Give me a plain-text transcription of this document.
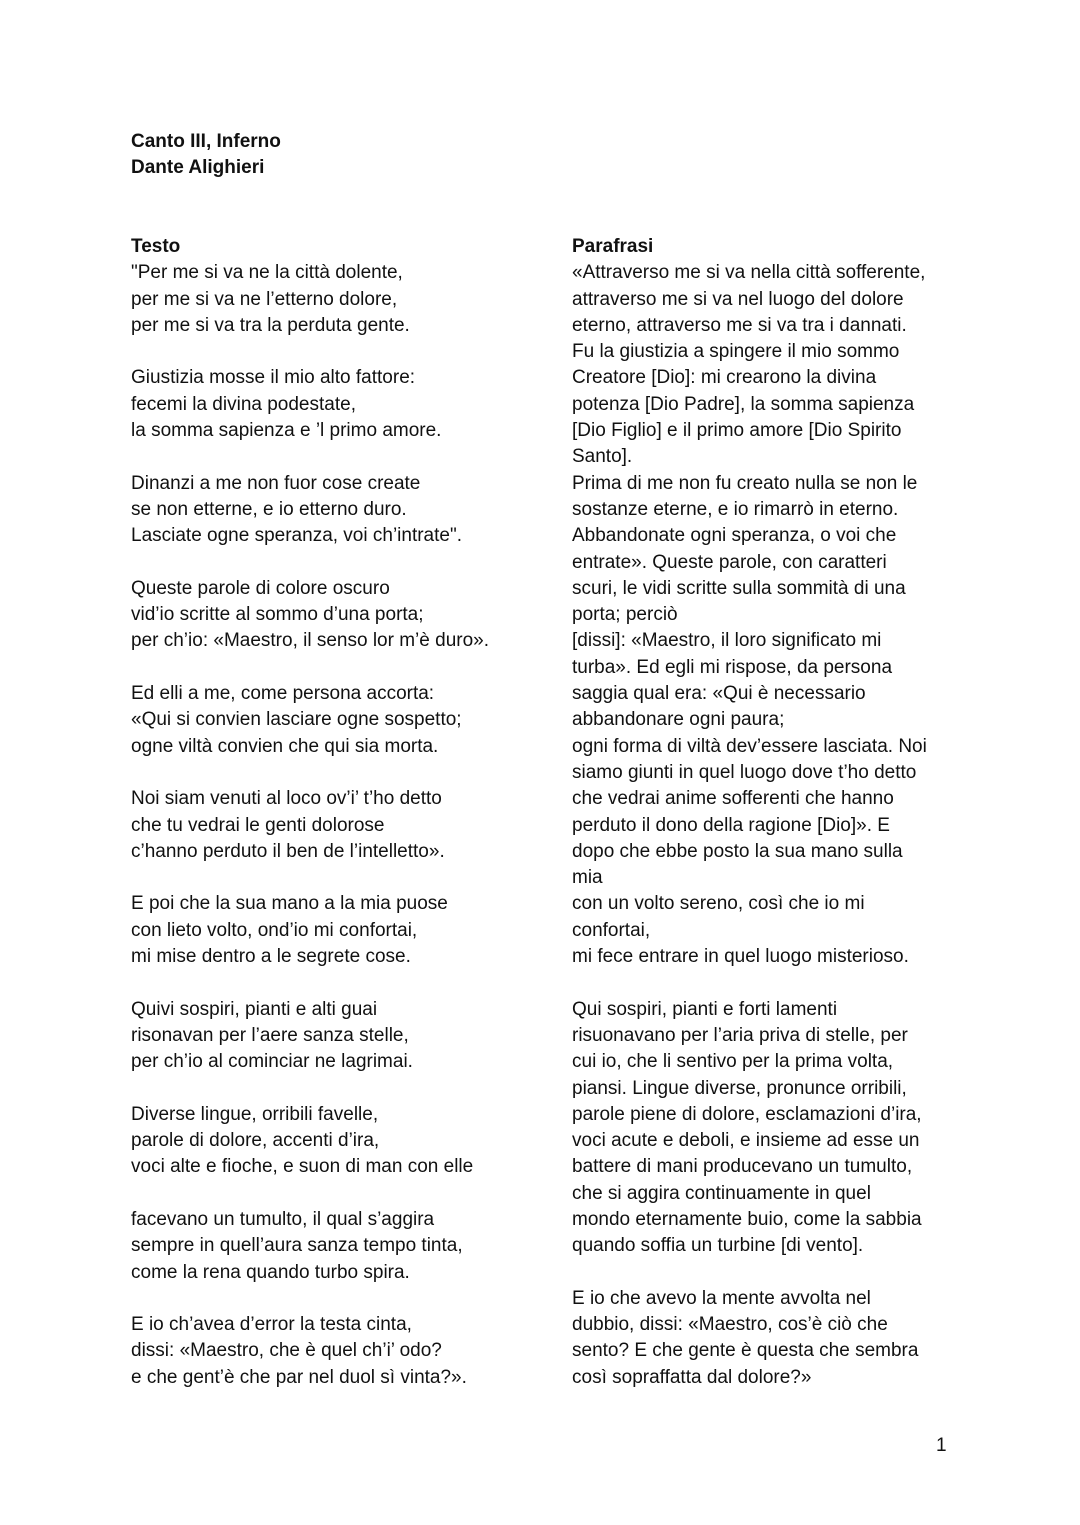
Canto III, Inferno
Dante Alighieri
Testo
"Per me si va ne la città dolente,
per me si va ne l’etterno dolore,
per me si va tra la perduta gente.
Giustizia mosse il mio alto fattore:
fecemi la divina podestate,
la somma sapienza e ’l primo amore.
Dinanzi a me non fuor cose create
se non etterne, e io etterno duro.
Lasciate ogne speranza, voi ch’intrate".
Queste parole di colore oscuro
vid’io scritte al sommo d’una porta;
per ch’io: «Maestro, il senso lor m’è duro».
Ed elli a me, come persona accorta:
«Qui si convien lasciare ogne sospetto;
ogne viltà convien che qui sia morta.
Noi siam venuti al loco ov’i’ t’ho detto
che tu vedrai le genti dolorose
c’hanno perduto il ben de l’intelletto».
E poi che la sua mano a la mia puose
con lieto volto, ond’io mi confortai,
mi mise dentro a le segrete cose.
Quivi sospiri, pianti e alti guai
risonavan per l’aere sanza stelle,
per ch’io al cominciar ne lagrimai.
Diverse lingue, orribili favelle,
parole di dolore, accenti d’ira,
voci alte e fioche, e suon di man con elle
facevano un tumulto, il qual s’aggira
sempre in quell’aura sanza tempo tinta,
come la rena quando turbo spira.
E io ch’avea d’error la testa cinta,
dissi: «Maestro, che è quel ch’i’ odo?
e che gent’è che par nel duol sì vinta?».
Parafrasi
«Attraverso me si va nella città sofferente,
attraverso me si va nel luogo del dolore
eterno, attraverso me si va tra i dannati.
Fu la giustizia a spingere il mio sommo
Creatore [Dio]: mi crearono la divina
potenza [Dio Padre], la somma sapienza
[Dio Figlio] e il primo amore [Dio Spirito
Santo].
Prima di me non fu creato nulla se non le
sostanze eterne, e io rimarrò in eterno.
Abbandonate ogni speranza, o voi che
entrate». Queste parole, con caratteri
scuri, le vidi scritte sulla sommità di una
porta; perciò
[dissi]: «Maestro, il loro significato mi
turba». Ed egli mi rispose, da persona
saggia qual era: «Qui è necessario
abbandonare ogni paura;
ogni forma di viltà dev’essere lasciata. Noi
siamo giunti in quel luogo dove t’ho detto
che vedrai anime sofferenti che hanno
perduto il dono della ragione [Dio]». E
dopo che ebbe posto la sua mano sulla
mia
con un volto sereno, così che io mi
confortai,
mi fece entrare in quel luogo misterioso.
Qui sospiri, pianti e forti lamenti
risuonavano per l’aria priva di stelle, per
cui io, che li sentivo per la prima volta,
piansi. Lingue diverse, pronunce orribili,
parole piene di dolore, esclamazioni d’ira,
voci acute e deboli, e insieme ad esse un
battere di mani producevano un tumulto,
che si aggira continuamente in quel
mondo eternamente buio, come la sabbia
quando soffia un turbine [di vento].
E io che avevo la mente avvolta nel
dubbio, dissi: «Maestro, cos’è ciò che
sento? E che gente è questa che sembra
così sopraffatta dal dolore?»
1
